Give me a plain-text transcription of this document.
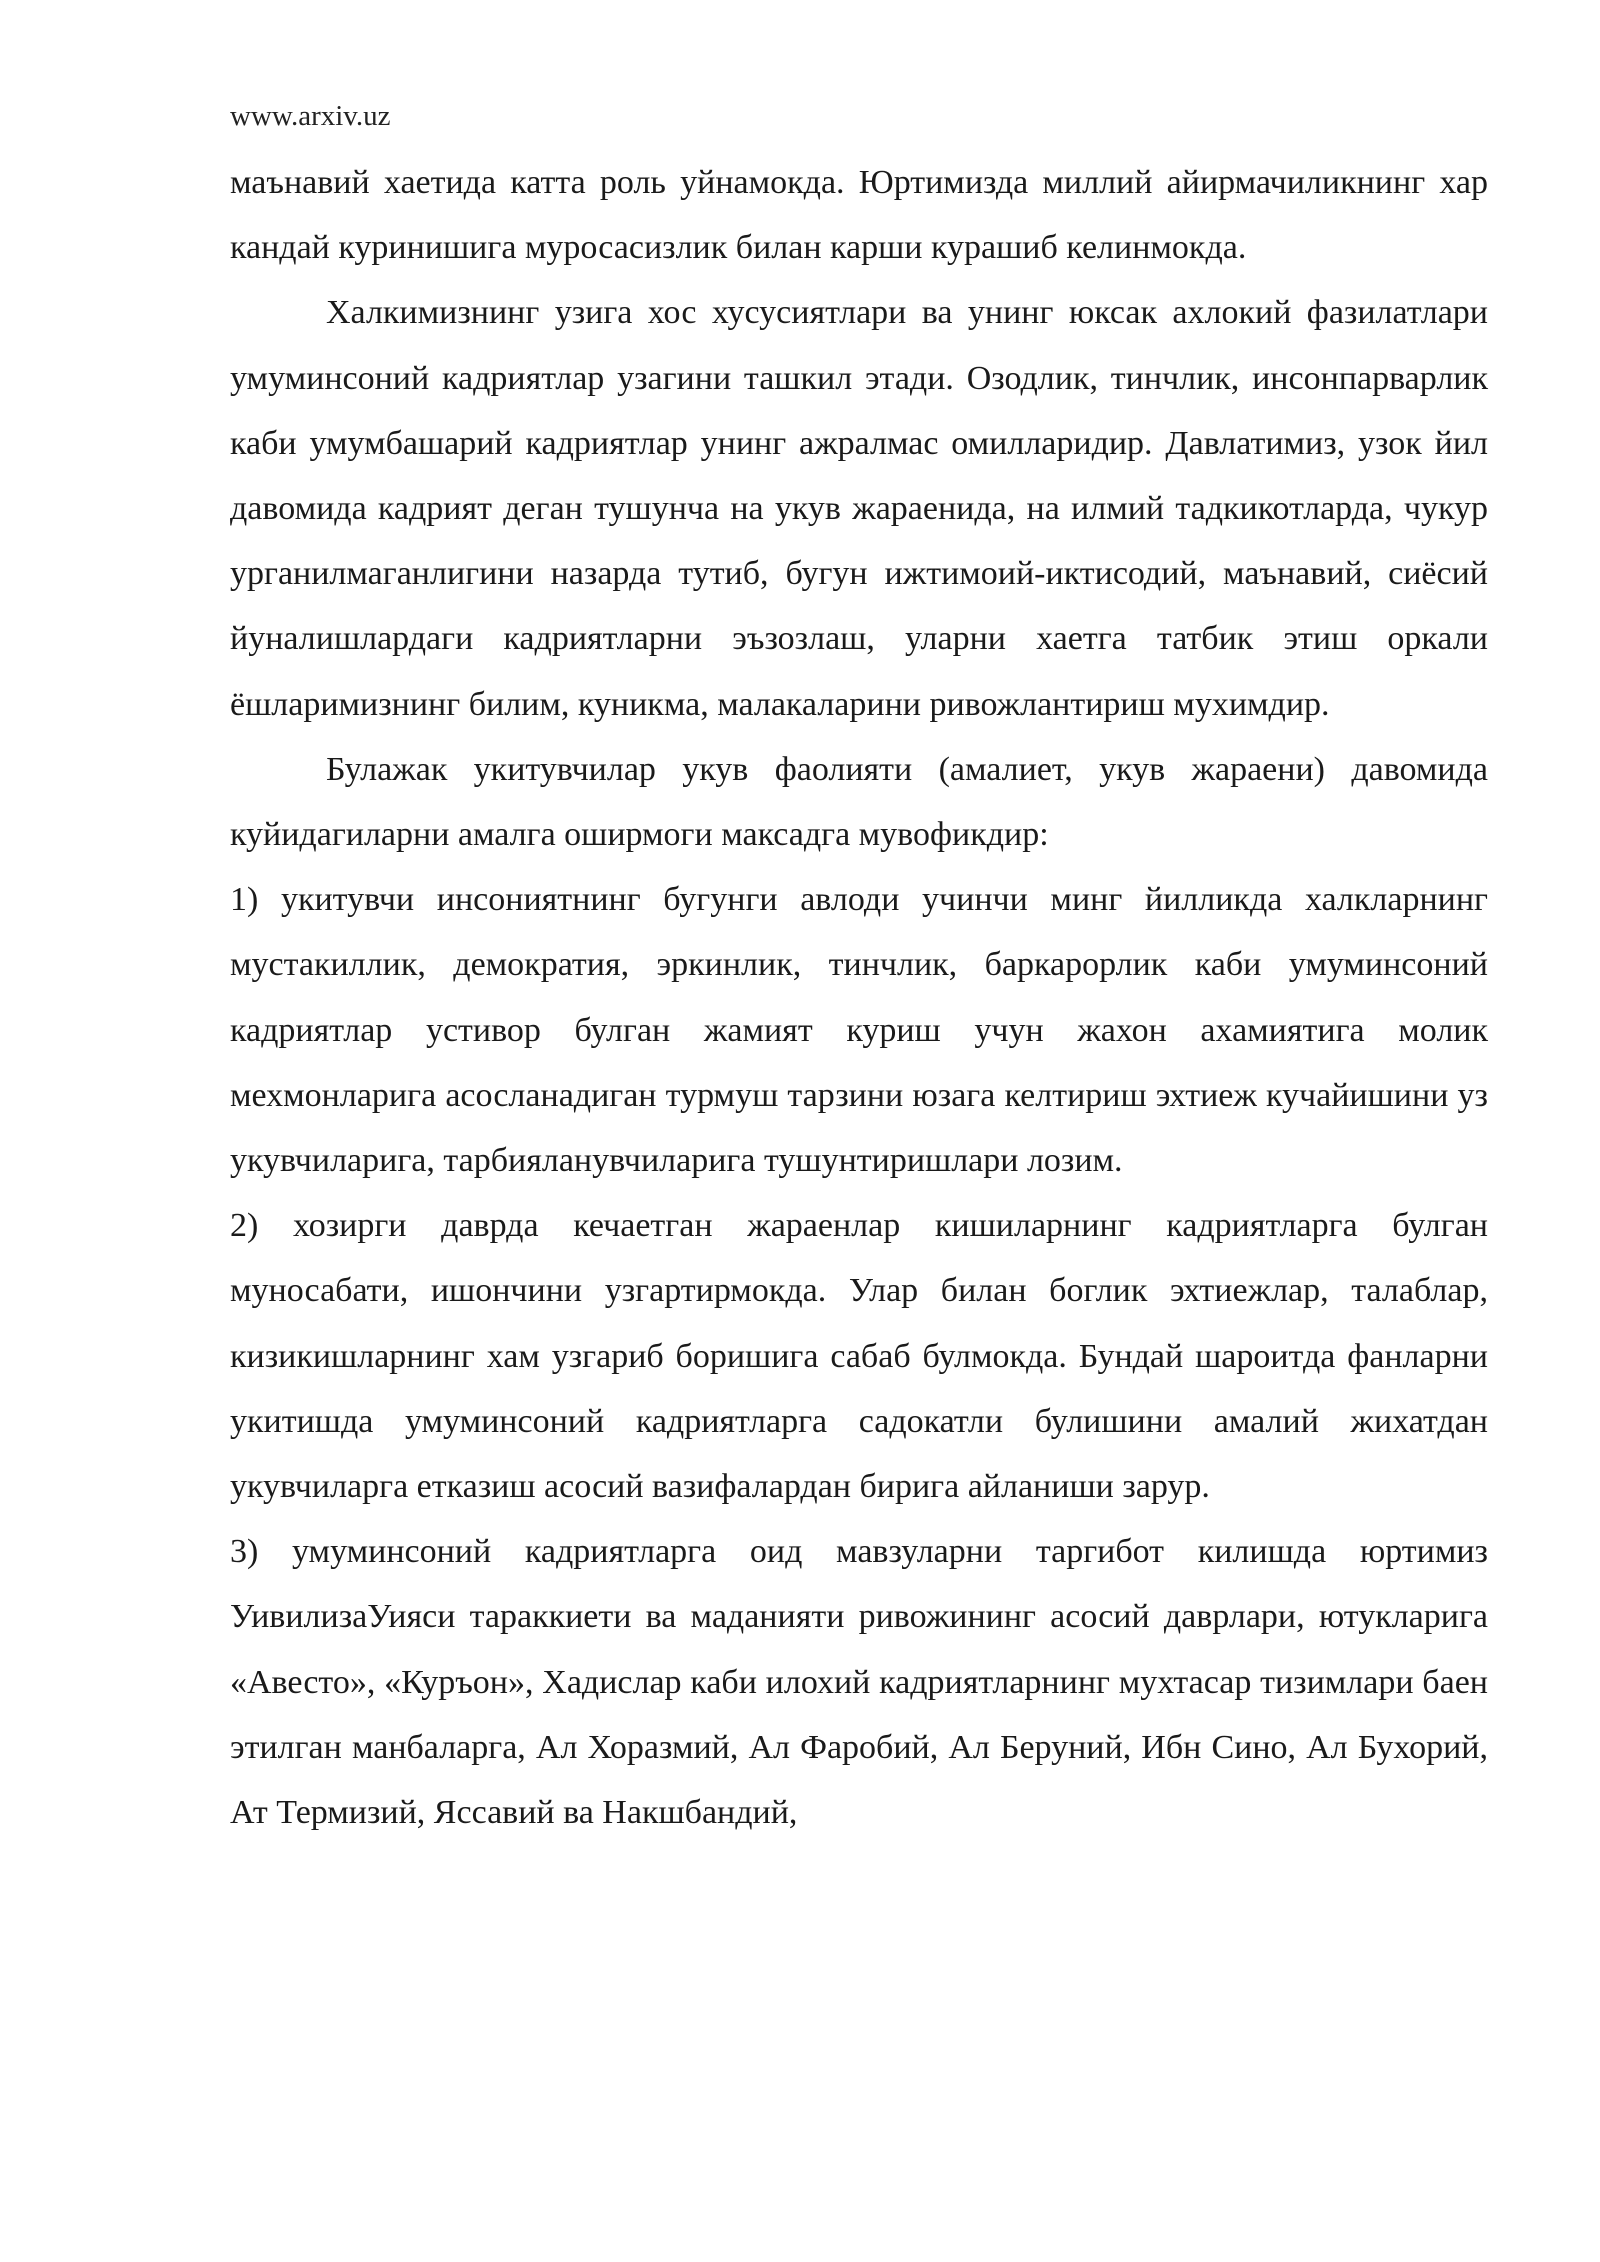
www.arxiv.uz

маънавий хаетида катта роль уйнамокда. Юртимизда миллий айирмачиликнинг хар кандай куринишига муросасизлик билан карши курашиб келинмокда.

Халкимизнинг узига хос хусусиятлари ва унинг юксак ахлокий фазилатлари умуминсоний кадриятлар узагини ташкил этади. Озодлик, тинчлик, инсонпарварлик каби умумбашарий кадриятлар унинг ажралмас омилларидир. Давлатимиз, узок йил давомида кадрият деган тушунча на укув жараенида, на илмий тадкикотларда, чукур урганилмаганлигини назарда тутиб, бугун ижтимоий-иктисодий, маънавий, сиёсий йуналишлардаги кадриятларни эъзозлаш, уларни хаетга татбик этиш оркали ёшларимизнинг билим, куникма, малакаларини ривожлантириш мухимдир.

Булажак укитувчилар укув фаолияти (амалиет, укув жараени) давомида куйидагиларни амалга оширмоги максадга мувофикдир:

1) укитувчи инсониятнинг бугунги авлоди учинчи минг йилликда халкларнинг мустакиллик, демократия, эркинлик, тинчлик, баркарорлик каби умуминсоний кадриятлар устивор булган жамият куриш учун жахон ахамиятига молик мехмонларига асосланадиган турмуш тарзини юзага келтириш эхтиеж кучайишини уз укувчиларига, тарбияланувчиларига тушунтиришлари лозим.

2) хозирги даврда кечаетган жараенлар кишиларнинг кадриятларга булган муносабати, ишончини узгартирмокда. Улар билан боглик эхтиежлар, талаблар, кизикишларнинг хам узгариб боришига сабаб булмокда. Бундай шароитда фанларни укитишда умуминсоний кадриятларга садокатли булишини амалий жихатдан укувчиларга етказиш асосий вазифалардан бирига айланиши зарур.

3) умуминсоний кадриятларга оид мавзуларни таргибот килишда юртимиз УивилизаУияси тараккиети ва маданияти ривожининг асосий даврлари, ютукларига «Авесто», «Куръон», Хадислар каби илохий кадриятларнинг мухтасар тизимлари баен этилган манбаларга, Ал Хоразмий, Ал Фаробий, Ал Беруний, Ибн Сино, Ал Бухорий, Ат Термизий, Яссавий ва Накшбандий,
